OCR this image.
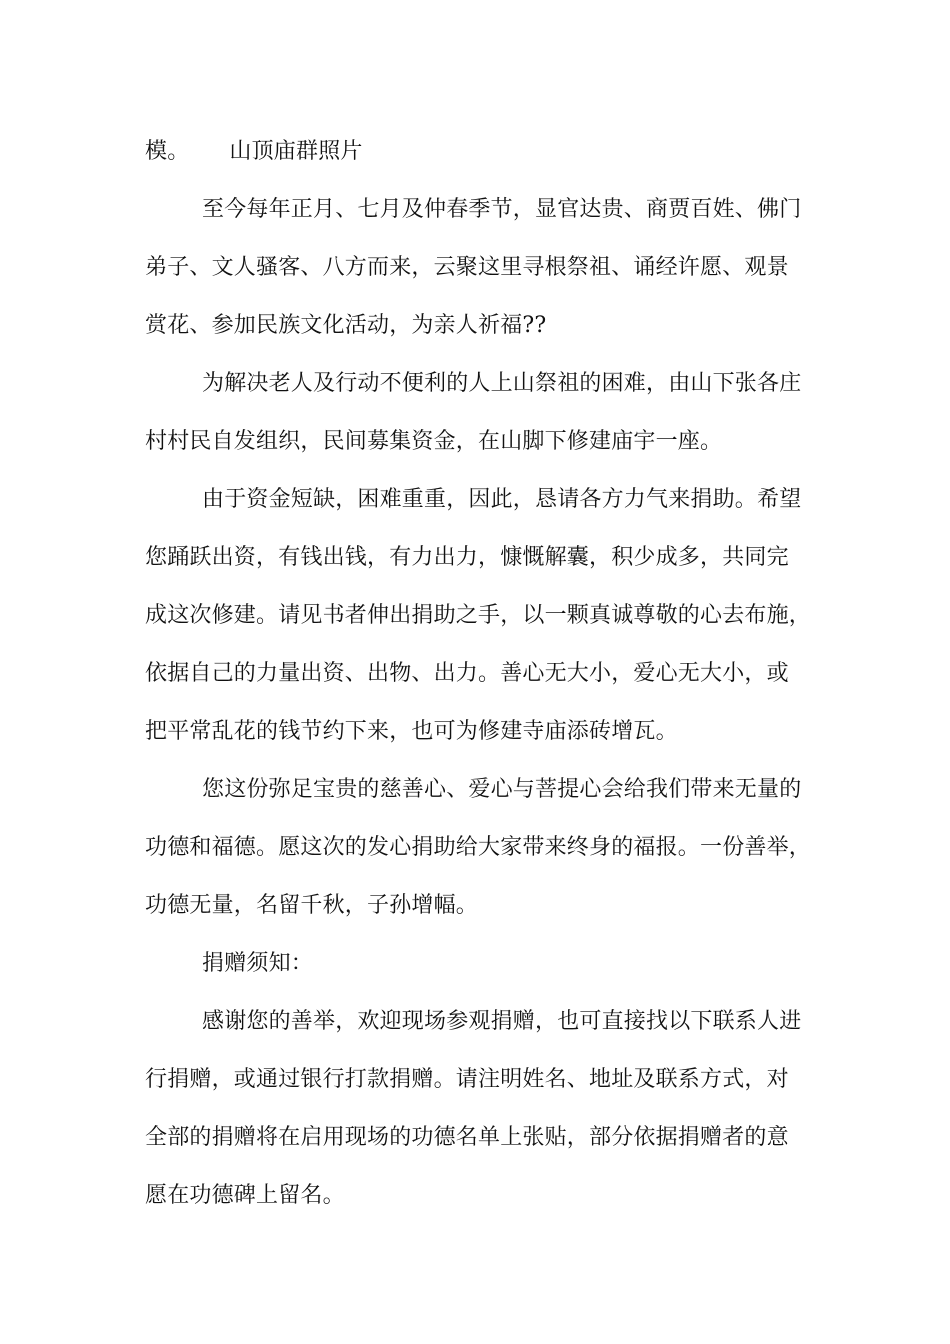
模。 山顶庙群照片
至今每年正月、七月及仲春季节，显官达贵、商贾百姓、佛门
弟子、文人骚客、八方而来，云聚这里寻根祭祖、诵经许愿、观景
赏花、参加民族文化活动，为亲人祈福??
为解决老人及行动不便利的人上山祭祖的困难，由山下张各庄
村村民自发组织，民间募集资金，在山脚下修建庙宇一座。
由于资金短缺，困难重重，因此，恳请各方力气来捐助。希望
您踊跃出资，有钱出钱，有力出力，慷慨解囊，积少成多，共同完
成这次修建。请见书者伸出捐助之手，以一颗真诚尊敬的心去布施，
依据自己的力量出资、出物、出力。善心无大小，爱心无大小，或
把平常乱花的钱节约下来，也可为修建寺庙添砖增瓦。
您这份弥足宝贵的慈善心、爱心与菩提心会给我们带来无量的
功德和福德。愿这次的发心捐助给大家带来终身的福报。一份善举，
功德无量，名留千秋，子孙增幅。
捐赠须知：
感谢您的善举，欢迎现场参观捐赠，也可直接找以下联系人进
行捐赠，或通过银行打款捐赠。请注明姓名、地址及联系方式，对
全部的捐赠将在启用现场的功德名单上张贴，部分依据捐赠者的意
愿在功德碑上留名。
